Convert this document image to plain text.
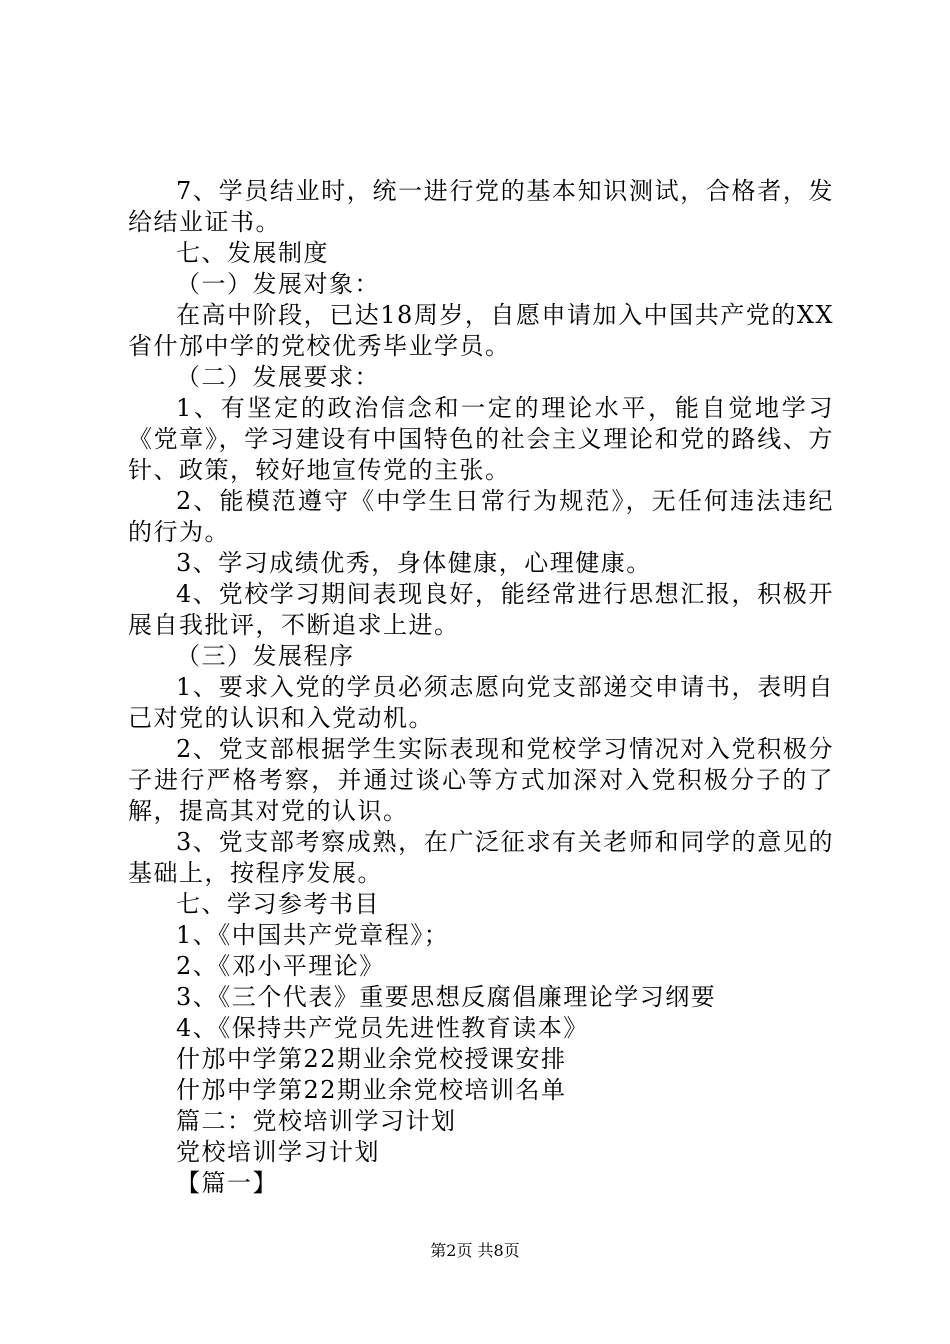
7、学员结业时，统一进行党的基本知识测试，合格者，发给结业证书。

七、发展制度

（一）发展对象：

在高中阶段，已达18周岁，自愿申请加入中国共产党的XX省什邡中学的党校优秀毕业学员。

（二）发展要求：

1、有坚定的政治信念和一定的理论水平，能自觉地学习《党章》，学习建设有中国特色的社会主义理论和党的路线、方针、政策，较好地宣传党的主张。

2、能模范遵守《中学生日常行为规范》，无任何违法违纪的行为。

3、学习成绩优秀，身体健康，心理健康。

4、党校学习期间表现良好，能经常进行思想汇报，积极开展自我批评，不断追求上进。

（三）发展程序

1、要求入党的学员必须志愿向党支部递交申请书，表明自己对党的认识和入党动机。

2、党支部根据学生实际表现和党校学习情况对入党积极分子进行严格考察，并通过谈心等方式加深对入党积极分子的了解，提高其对党的认识。

3、党支部考察成熟，在广泛征求有关老师和同学的意见的基础上，按程序发展。

七、学习参考书目

1、《中国共产党章程》；

2、《邓小平理论》

3、《三个代表》重要思想反腐倡廉理论学习纲要

4、《保持共产党员先进性教育读本》

什邡中学第22期业余党校授课安排

什邡中学第22期业余党校培训名单

篇二：党校培训学习计划

党校培训学习计划

【篇一】

第2页 共8页
